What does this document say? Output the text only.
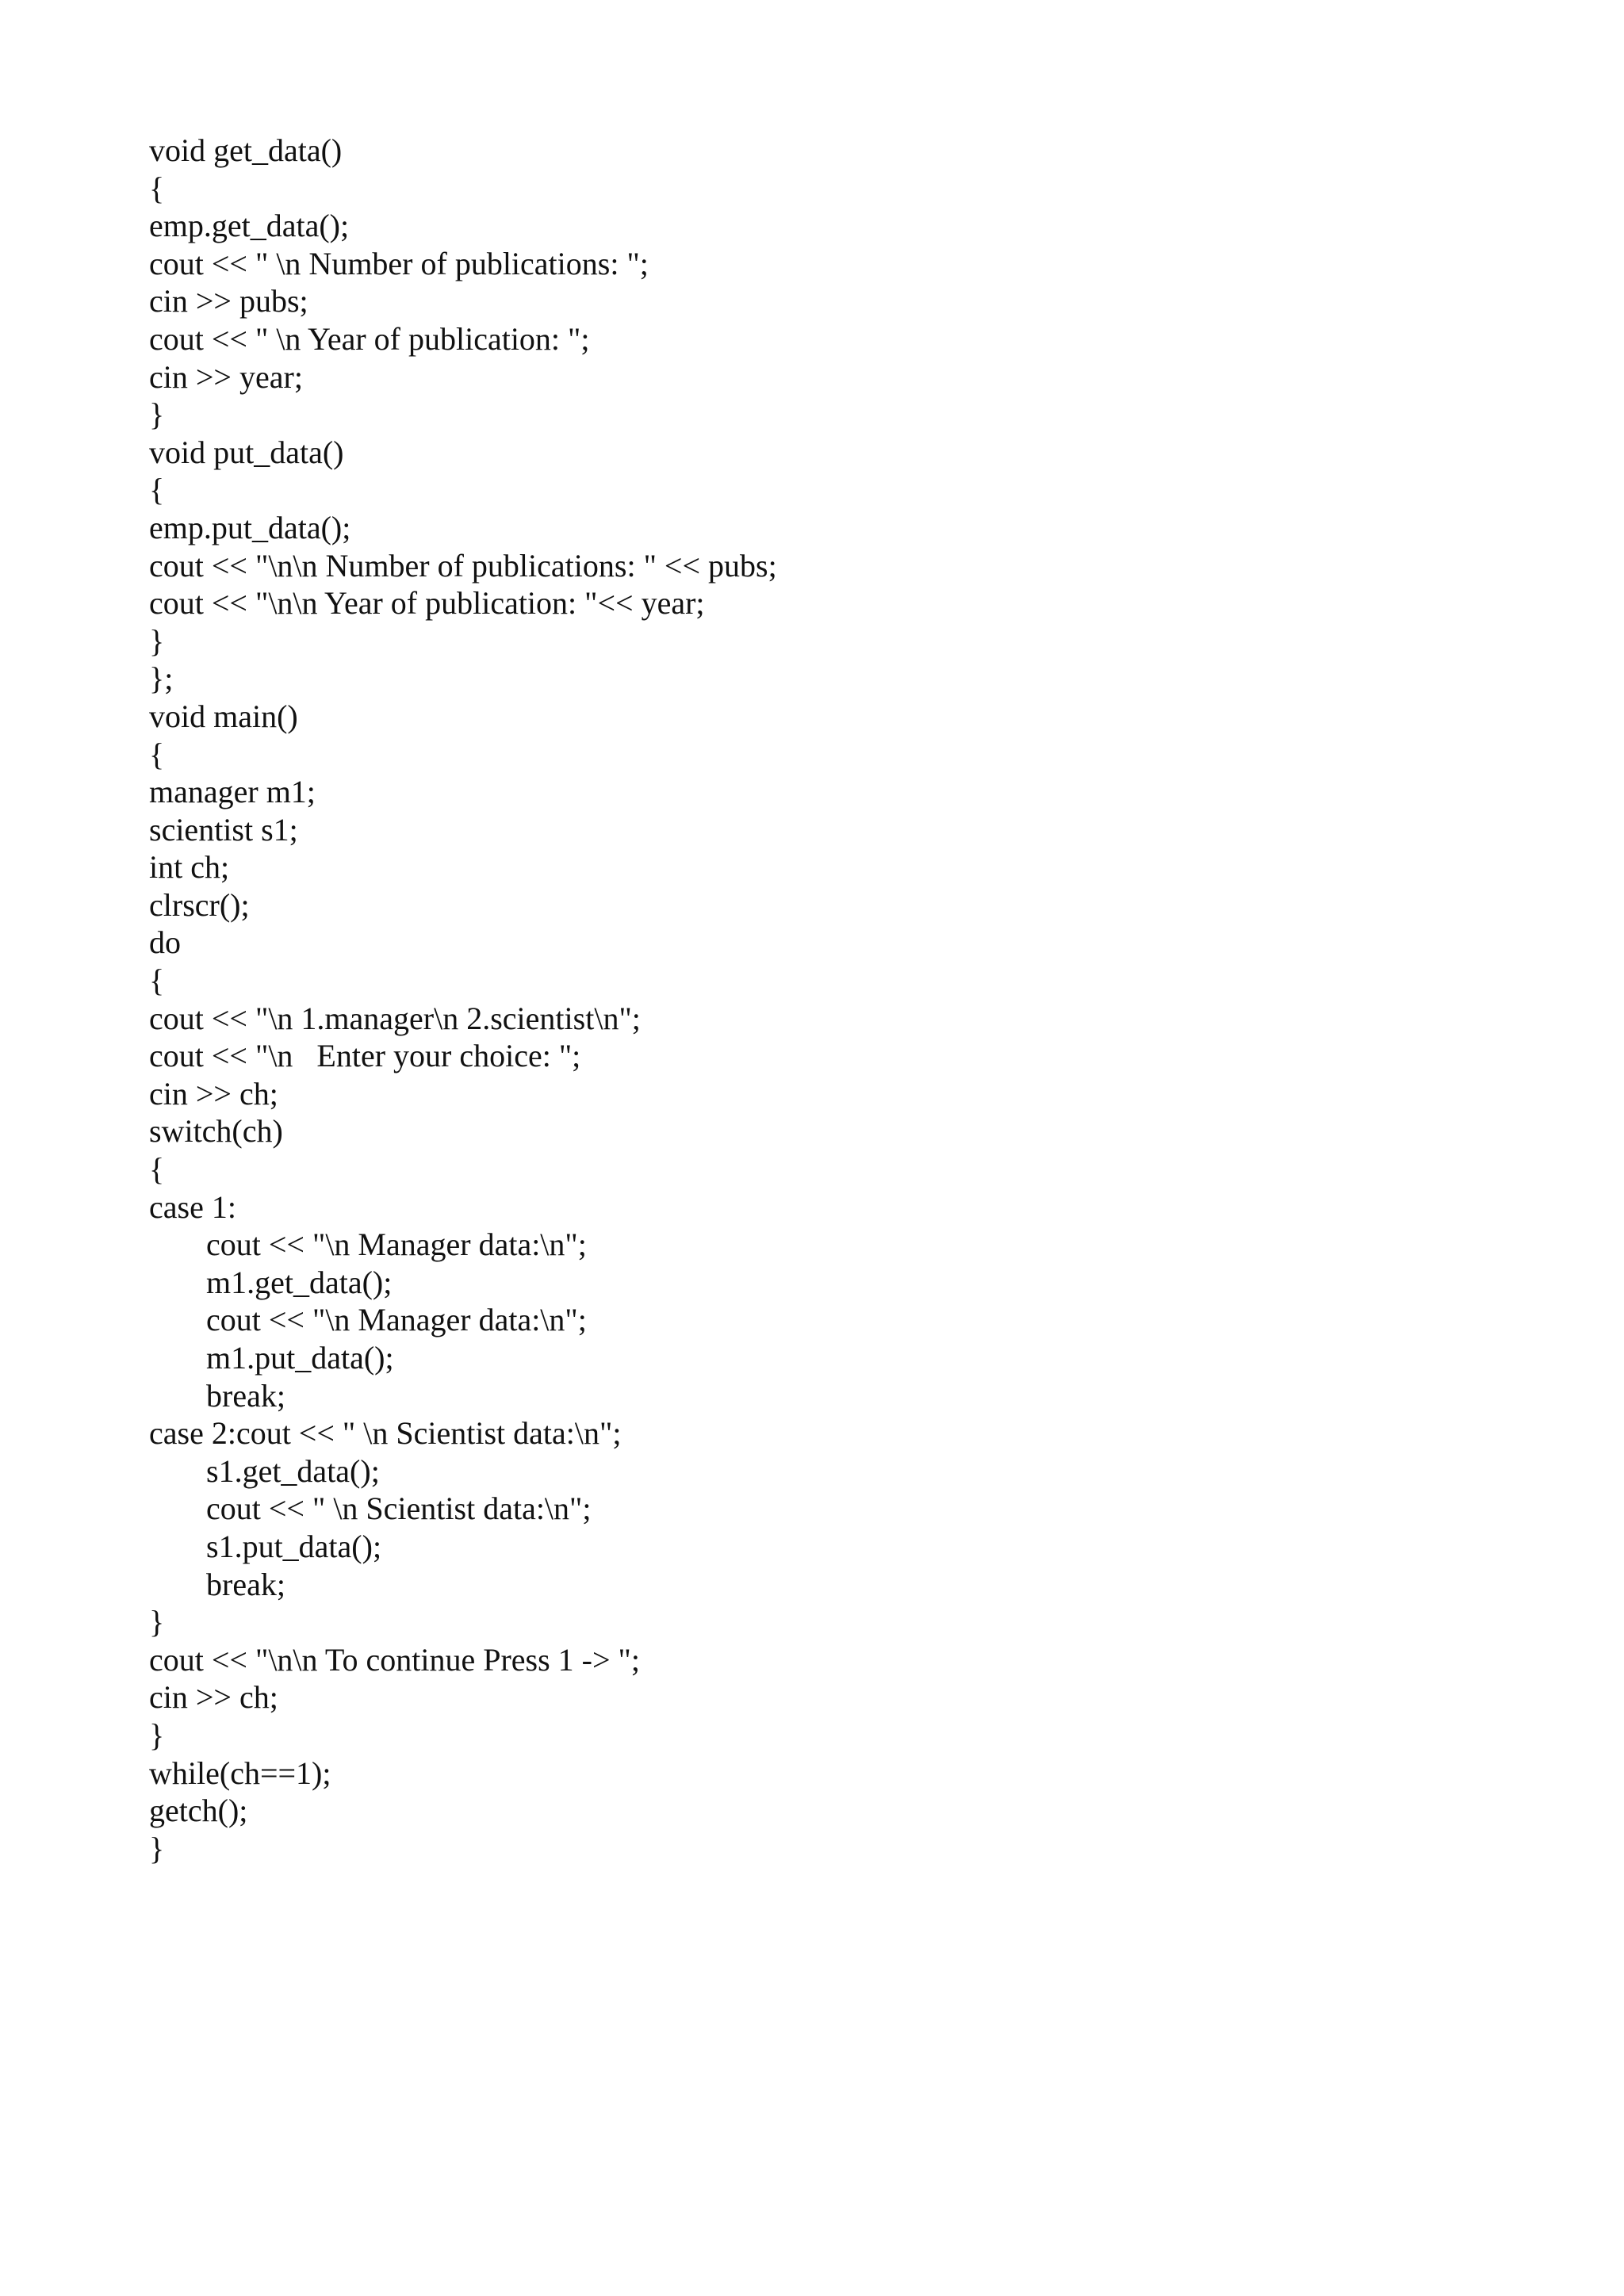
void get_data()
{
emp.get_data();
cout << " \n Number of publications: ";
cin >> pubs;
cout << " \n Year of publication: ";
cin >> year;
}
void put_data()
{
emp.put_data();
cout << "\n\n Number of publications: " << pubs;
cout << "\n\n Year of publication: "<< year;
}
};
void main()
{
manager m1;
scientist s1;
int ch;
clrscr();
do
{
cout << "\n 1.manager\n 2.scientist\n";
cout << "\n   Enter your choice: ";
cin >> ch;
switch(ch)
{
case 1:
cout << "\n Manager data:\n";
m1.get_data();
cout << "\n Manager data:\n";
m1.put_data();
break;
case 2:cout << " \n Scientist data:\n";
s1.get_data();
cout << " \n Scientist data:\n";
s1.put_data();
break;
}
cout << "\n\n To continue Press 1 -> ";
cin >> ch;
}
while(ch==1);
getch();
}
